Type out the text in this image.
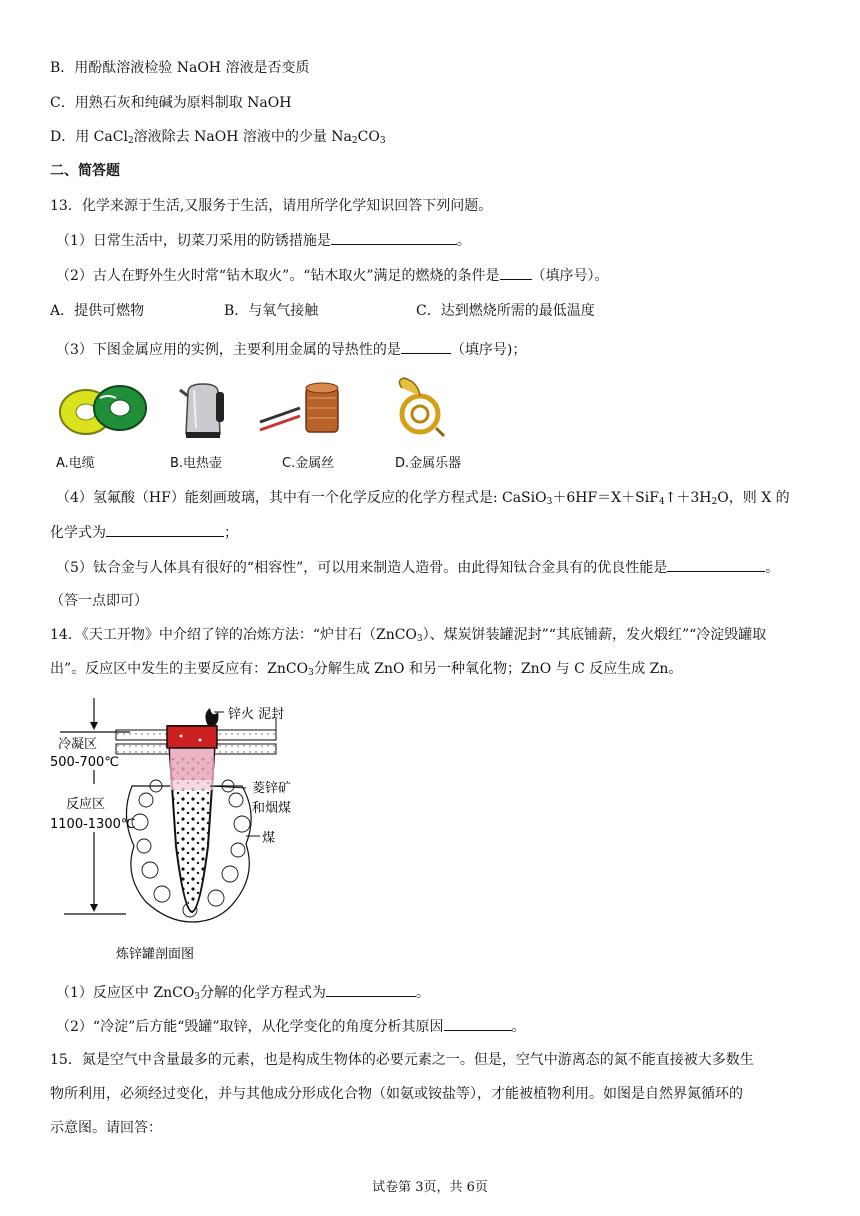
B．用酚酞溶液检验 NaOH 溶液是否变质
C．用熟石灰和纯碱为原料制取 NaOH
D．用 CaCl$_2$溶液除去 NaOH 溶液中的少量 $Na_2CO_3$
二、简答题
13．化学来源于生活,又服务于生活，请用所学化学知识回答下列问题。
（1）日常生活中，切菜刀采用的防锈措施是	。
（2）古人在野外生火时常“钻木取火”。“钻木取火”满足的燃烧的条件是 （填序号）。
A．提供可燃物	B．与氧气接触	C．达到燃烧所需的最低温度
（3）下图金属应用的实例，主要利用金属的导热性的是	（填序号)；
A.电缆	B.电热壶	C.金属丝	D.金属乐器
（4）氢氟酸（HF）能刻画玻璃，其中有一个化学反应的化学方程式是: $CaSiO_3+6HF=X+SiF_4↑+3H_2O$，则 X 的
化学式为	；
（5）钛合金与人体具有很好的“相容性”，可以用来制造人造骨。由此得知钛合金具有的优良性能是	。
（答一点即可）
14．《天工开物》中介绍了锌的冶炼方法：“炉甘石（ZnCO$_3$）、煤炭饼装罐泥封”“其底铺薪，发火煅红”“冷淀毁罐取
出”。反应区中发生的主要反应有：ZnCO$_3$分解生成 ZnO 和另一种氧化物；ZnO 与 C 反应生成 Zn。
锌火 泥封
冷凝区
500-700℃
反应区
1100-1300℃
菱锌矿
和烟煤
煤
炼锌罐剖面图
（1）反应区中 ZnCO$_3$分解的化学方程式为	。
（2）“冷淀”后方能“毁罐”取锌，从化学变化的角度分析其原因	。
15．氮是空气中含量最多的元素，也是构成生物体的必要元素之一。但是，空气中游离态的氮不能直接被大多数生
物所利用，必须经过变化，并与其他成分形成化合物（如氨或铵盐等），才能被植物利用。如图是自然界氮循环的
示意图。请回答：
试卷第 3页，共 6页
